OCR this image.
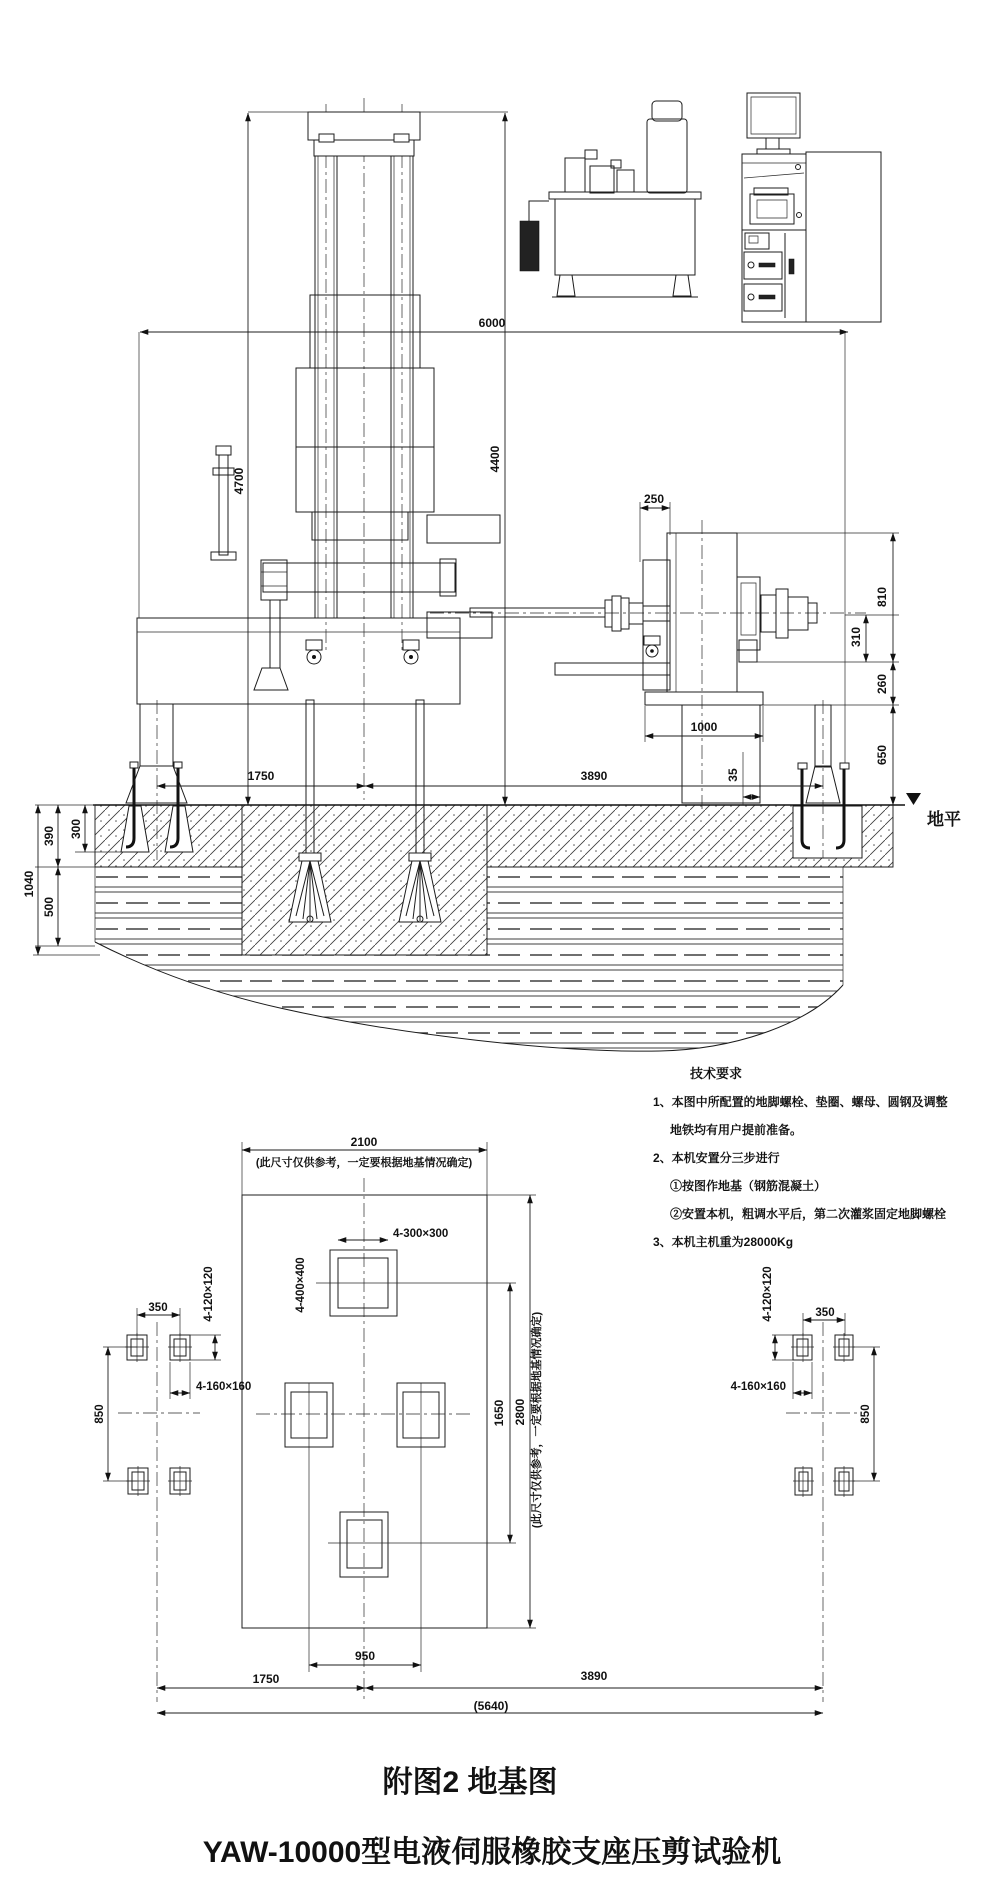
6000
4700
4400
250
810
310
260
650
1000
35
1750	3890
390 300
500
1040
地平
4-300×300
4-400×400
2100
(此尺寸仅供参考，一定要根据地基情况确定)
1650 2800 (此尺寸仅供参考，一定要根据地基情况确定)
350	4-120×120
4-160×160
850
350
4-120×120
4-160×160
850
950
1750	3890
(5640)
技术要求
1、本图中所配置的地脚螺栓、垫圈、螺母、圆钢及调整
地铁均有用户提前准备。
2、本机安置分三步进行
①按图作地基（钢筋混凝土）
②安置本机，粗调水平后，第二次灌浆固定地脚螺栓
3、本机主机重为28000Kg
附图2 地基图
YAW-10000型电液伺服橡胶支座压剪试验机
